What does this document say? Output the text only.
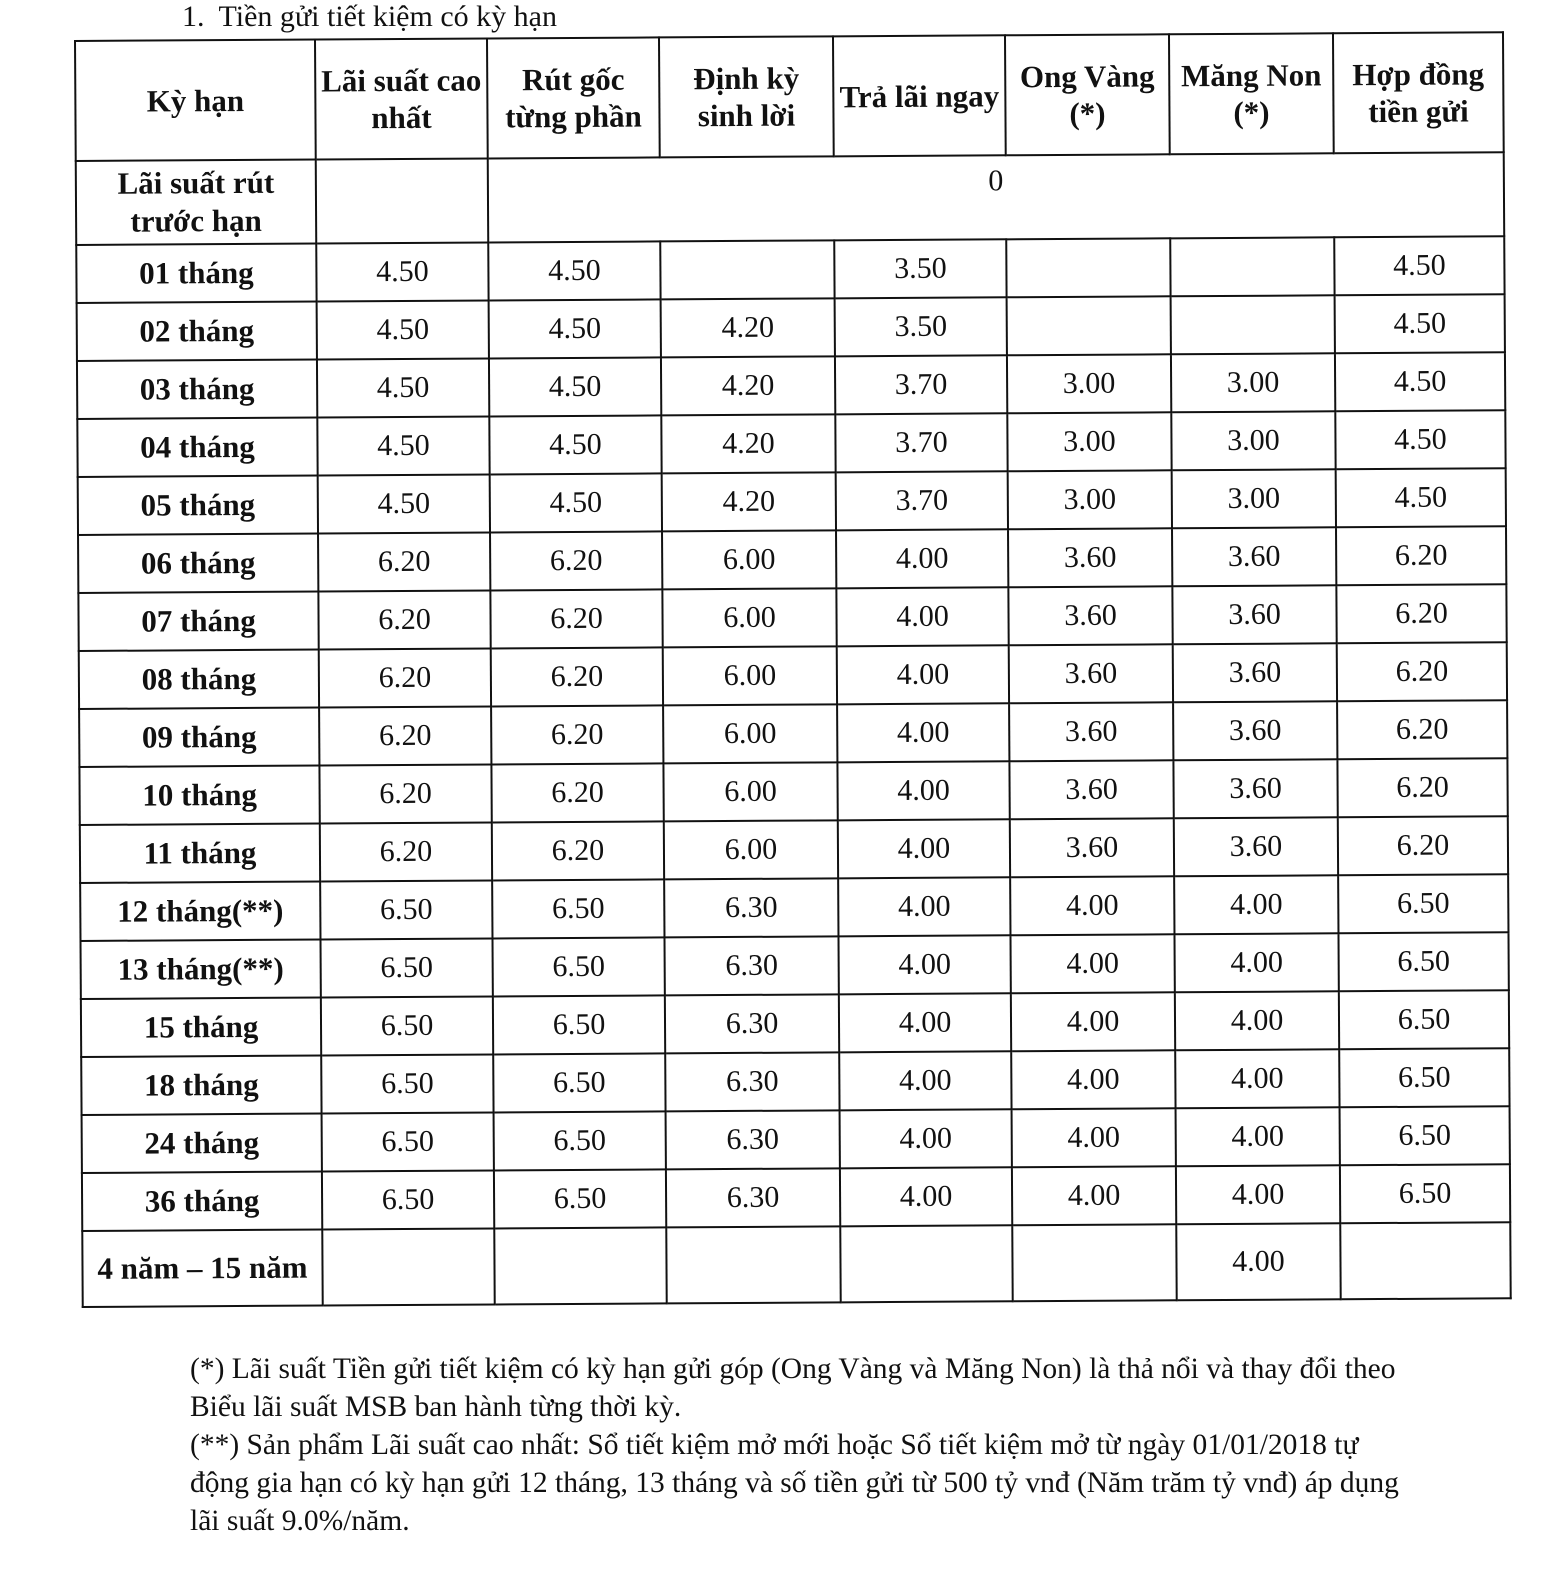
1. Tiền gửi tiết kiệm có kỳ hạn
Kỳ hạn	Lãi suất cao nhất	Rút gốc từng phần	Định kỳ sinh lời	Trả lãi ngay	Ong Vàng (*)	Măng Non (*)	Hợp đồng tiền gửi
Lãi suất rút trước hạn		0					
01 tháng	4.50	4.50		3.50			4.50
02 tháng	4.50	4.50	4.20	3.50			4.50
03 tháng	4.50	4.50	4.20	3.70	3.00	3.00	4.50
04 tháng	4.50	4.50	4.20	3.70	3.00	3.00	4.50
05 tháng	4.50	4.50	4.20	3.70	3.00	3.00	4.50
06 tháng	6.20	6.20	6.00	4.00	3.60	3.60	6.20
07 tháng	6.20	6.20	6.00	4.00	3.60	3.60	6.20
08 tháng	6.20	6.20	6.00	4.00	3.60	3.60	6.20
09 tháng	6.20	6.20	6.00	4.00	3.60	3.60	6.20
10 tháng	6.20	6.20	6.00	4.00	3.60	3.60	6.20
11 tháng	6.20	6.20	6.00	4.00	3.60	3.60	6.20
12 tháng(**)	6.50	6.50	6.30	4.00	4.00	4.00	6.50
13 tháng(**)	6.50	6.50	6.30	4.00	4.00	4.00	6.50
15 tháng	6.50	6.50	6.30	4.00	4.00	4.00	6.50
18 tháng	6.50	6.50	6.30	4.00	4.00	4.00	6.50
24 tháng	6.50	6.50	6.30	4.00	4.00	4.00	6.50
36 tháng	6.50	6.50	6.30	4.00	4.00	4.00	6.50
4 năm – 15 năm						4.00	

(*) Lãi suất Tiền gửi tiết kiệm có kỳ hạn gửi góp (Ong Vàng và Măng Non) là thả nổi và thay đổi theo Biểu lãi suất MSB ban hành từng thời kỳ.

(**) Sản phẩm Lãi suất cao nhất: Sổ tiết kiệm mở mới hoặc Sổ tiết kiệm mở từ ngày 01/01/2018 tự động gia hạn có kỳ hạn gửi 12 tháng, 13 tháng và số tiền gửi từ 500 tỷ vnđ (Năm trăm tỷ vnđ) áp dụng lãi suất 9.0%/năm.
